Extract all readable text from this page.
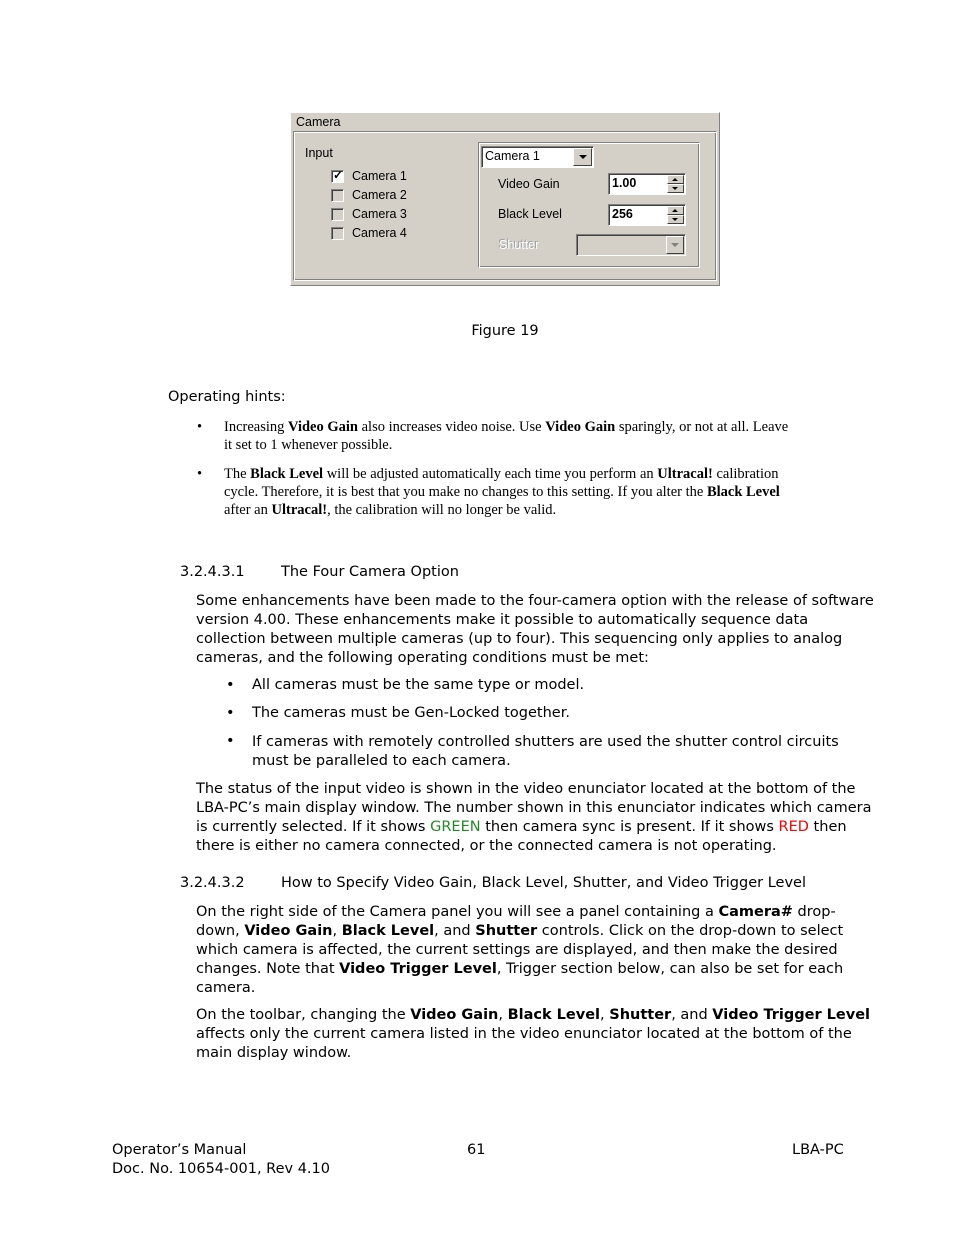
Camera
Input
✓ Camera 1
Camera 2
Camera 3
Camera 4
Camera 1
Video Gain	1.00
Black Level	256
Shutter
Figure 19
Operating hints:
• Increasing Video Gain also increases video noise. Use Video Gain sparingly, or not at all. Leave
it set to 1 whenever possible.
• The Black Level will be adjusted automatically each time you perform an Ultracal! calibration
cycle. Therefore, it is best that you make no changes to this setting. If you alter the Black Level
after an Ultracal!, the calibration will no longer be valid.
3.2.4.3.1	The Four Camera Option
Some enhancements have been made to the four-camera option with the release of software
version 4.00. These enhancements make it possible to automatically sequence data
collection between multiple cameras (up to four). This sequencing only applies to analog
cameras, and the following operating conditions must be met:
• All cameras must be the same type or model.
• The cameras must be Gen-Locked together.
• If cameras with remotely controlled shutters are used the shutter control circuits
must be paralleled to each camera.
The status of the input video is shown in the video enunciator located at the bottom of the
LBA-PC’s main display window. The number shown in this enunciator indicates which camera
is currently selected. If it shows GREEN then camera sync is present. If it shows RED then
there is either no camera connected, or the connected camera is not operating.
3.2.4.3.2	How to Specify Video Gain, Black Level, Shutter, and Video Trigger Level
On the right side of the Camera panel you will see a panel containing a Camera# drop-
down, Video Gain, Black Level, and Shutter controls. Click on the drop-down to select
which camera is affected, the current settings are displayed, and then make the desired
changes. Note that Video Trigger Level, Trigger section below, can also be set for each
camera.
On the toolbar, changing the Video Gain, Black Level, Shutter, and Video Trigger Level
affects only the current camera listed in the video enunciator located at the bottom of the
main display window.
Operator’s Manual
Doc. No. 10654-001, Rev 4.10
61	LBA-PC
